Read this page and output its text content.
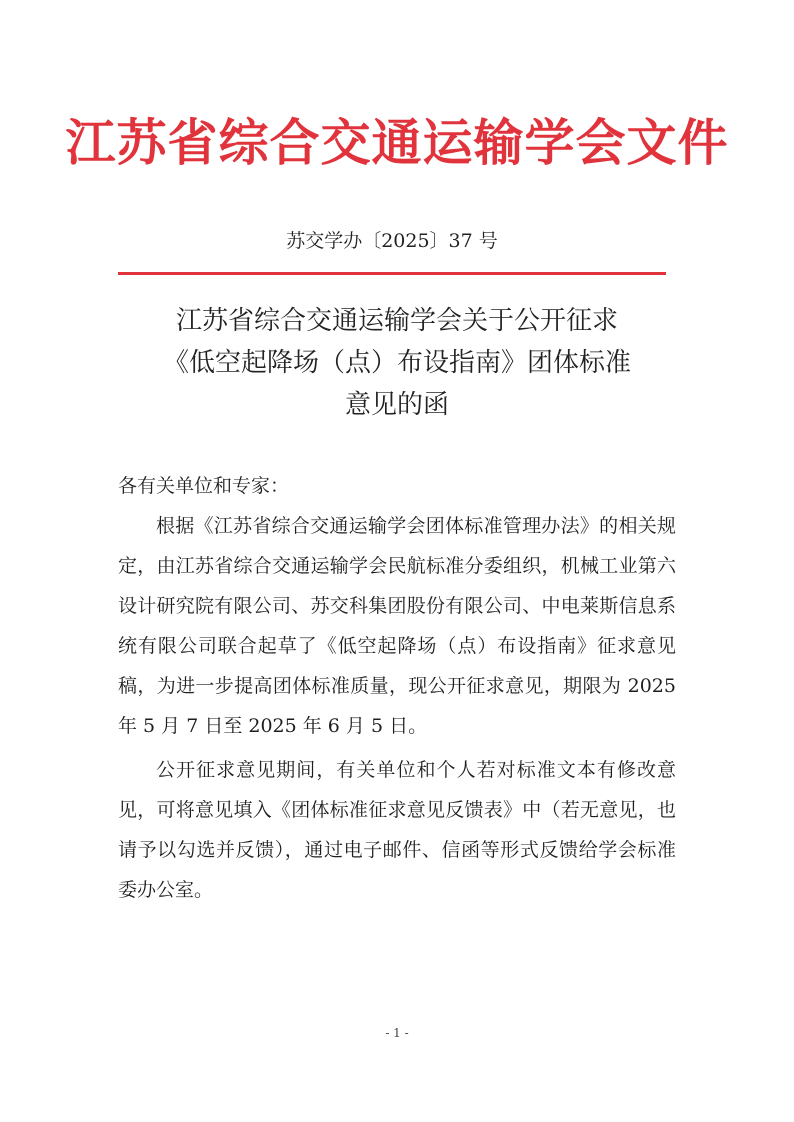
江苏省综合交通运输学会文件
苏交学办〔2025〕37 号
江苏省综合交通运输学会关于公开征求
《低空起降场（点）布设指南》团体标准
意见的函
各有关单位和专家：

根据《江苏省综合交通运输学会团体标准管理办法》的相关规定，由江苏省综合交通运输学会民航标准分委组织，机械工业第六设计研究院有限公司、苏交科集团股份有限公司、中电莱斯信息系统有限公司联合起草了《低空起降场（点）布设指南》征求意见稿，为进一步提高团体标准质量，现公开征求意见，期限为 2025 年 5 月 7 日至 2025 年 6 月 5 日。

公开征求意见期间，有关单位和个人若对标准文本有修改意见，可将意见填入《团体标准征求意见反馈表》中（若无意见，也请予以勾选并反馈），通过电子邮件、信函等形式反馈给学会标准委办公室。

- 1 -
